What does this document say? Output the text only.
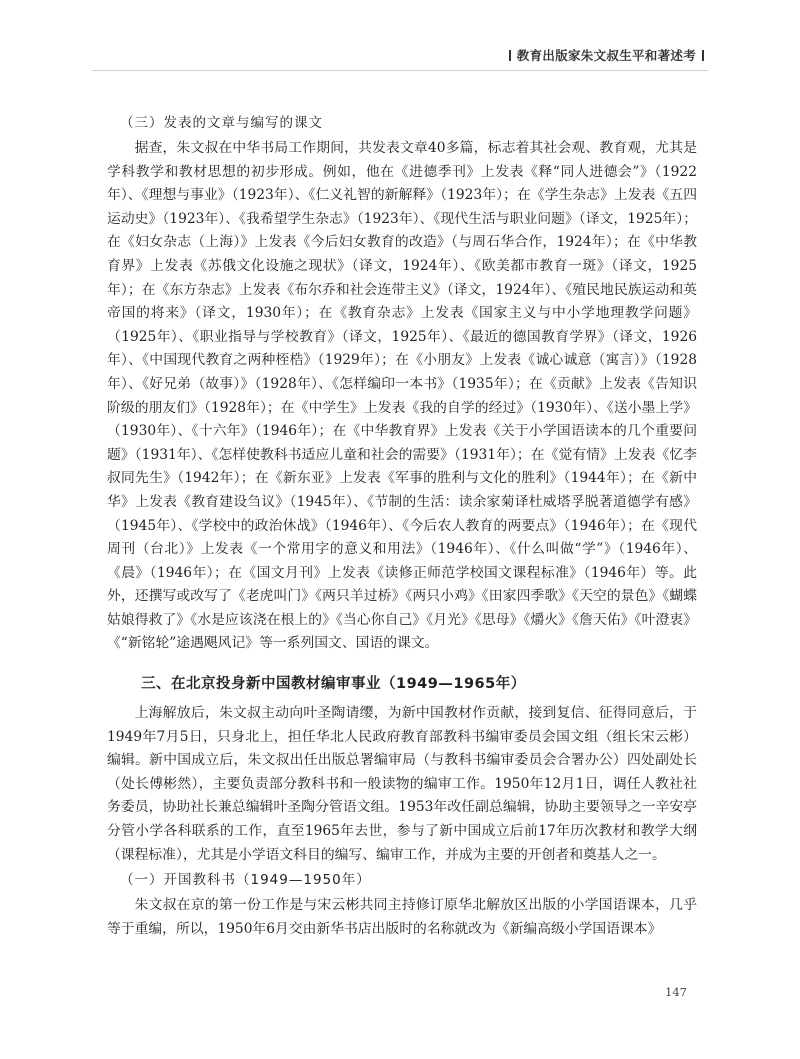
教育出版家朱文叔生平和著述考
（三）发表的文章与编写的课文

据查，朱文叔在中华书局工作期间，共发表文章40多篇，标志着其社会观、教育观，尤其是学科教学和教材思想的初步形成。例如，他在《进德季刊》上发表《释“同人进德会”》（1922年）、《理想与事业》（1923年）、《仁义礼智的新解释》（1923年）；在《学生杂志》上发表《五四运动史》（1923年）、《我希望学生杂志》（1923年）、《现代生活与职业问题》（译文，1925年）；在《妇女杂志（上海）》上发表《今后妇女教育的改造》（与周石华合作，1924年）；在《中华教育界》上发表《苏俄文化设施之现状》（译文，1924年）、《欧美都市教育一斑》（译文，1925年）；在《东方杂志》上发表《布尔乔和社会连带主义》（译文，1924年）、《殖民地民族运动和英帝国的将来》（译文，1930年）；在《教育杂志》上发表《国家主义与中小学地理教学问题》（1925年）、《职业指导与学校教育》（译文，1925年）、《最近的德国教育学界》（译文，1926年）、《中国现代教育之两种桎梏》（1929年）；在《小朋友》上发表《诚心诚意（寓言）》（1928年）、《好兄弟（故事）》（1928年）、《怎样编印一本书》（1935年）；在《贡献》上发表《告知识阶级的朋友们》（1928年）；在《中学生》上发表《我的自学的经过》（1930年）、《送小墨上学》（1930年）、《十六年》（1946年）；在《中华教育界》上发表《关于小学国语读本的几个重要问题》（1931年）、《怎样使教科书适应儿童和社会的需要》（1931年）；在《觉有情》上发表《忆李叔同先生》（1942年）；在《新东亚》上发表《军事的胜利与文化的胜利》（1944年）；在《新中华》上发表《教育建设刍议》（1945年）、《节制的生活：读余家菊译杜威塔孚脱著道德学有感》（1945年）、《学校中的政治休战》（1946年）、《今后农人教育的两要点》（1946年）；在《现代周刊（台北）》上发表《一个常用字的意义和用法》（1946年）、《什么叫做“学”》（1946年）、《晨》（1946年）；在《国文月刊》上发表《读修正师范学校国文课程标准》（1946年）等。此外，还撰写或改写了《老虎叫门》《两只羊过桥》《两只小鸡》《田家四季歌》《天空的景色》《蝴蝶姑娘得救了》《水是应该浇在根上的》《当心你自己》《月光》《思母》《爝火》《詹天佑》《叶澄衷》《“新铭轮”途遇飓风记》等一系列国文、国语的课文。

三、在北京投身新中国教材编审事业（1949—1965年）

上海解放后，朱文叔主动向叶圣陶请缨，为新中国教材作贡献，接到复信、征得同意后，于1949年7月5日，只身北上，担任华北人民政府教育部教科书编审委员会国文组（组长宋云彬）编辑。新中国成立后，朱文叔出任出版总署编审局（与教科书编审委员会合署办公）四处副处长（处长傅彬然），主要负责部分教科书和一般读物的编审工作。1950年12月1日，调任人教社社务委员，协助社长兼总编辑叶圣陶分管语文组。1953年改任副总编辑，协助主要领导之一辛安亭分管小学各科联系的工作，直至1965年去世，参与了新中国成立后前17年历次教材和教学大纲（课程标准），尤其是小学语文科目的编写、编审工作，并成为主要的开创者和奠基人之一。

（一）开国教科书（1949—1950年）

朱文叔在京的第一份工作是与宋云彬共同主持修订原华北解放区出版的小学国语课本，几乎等于重编，所以，1950年6月交由新华书店出版时的名称就改为《新编高级小学国语课本》

147
